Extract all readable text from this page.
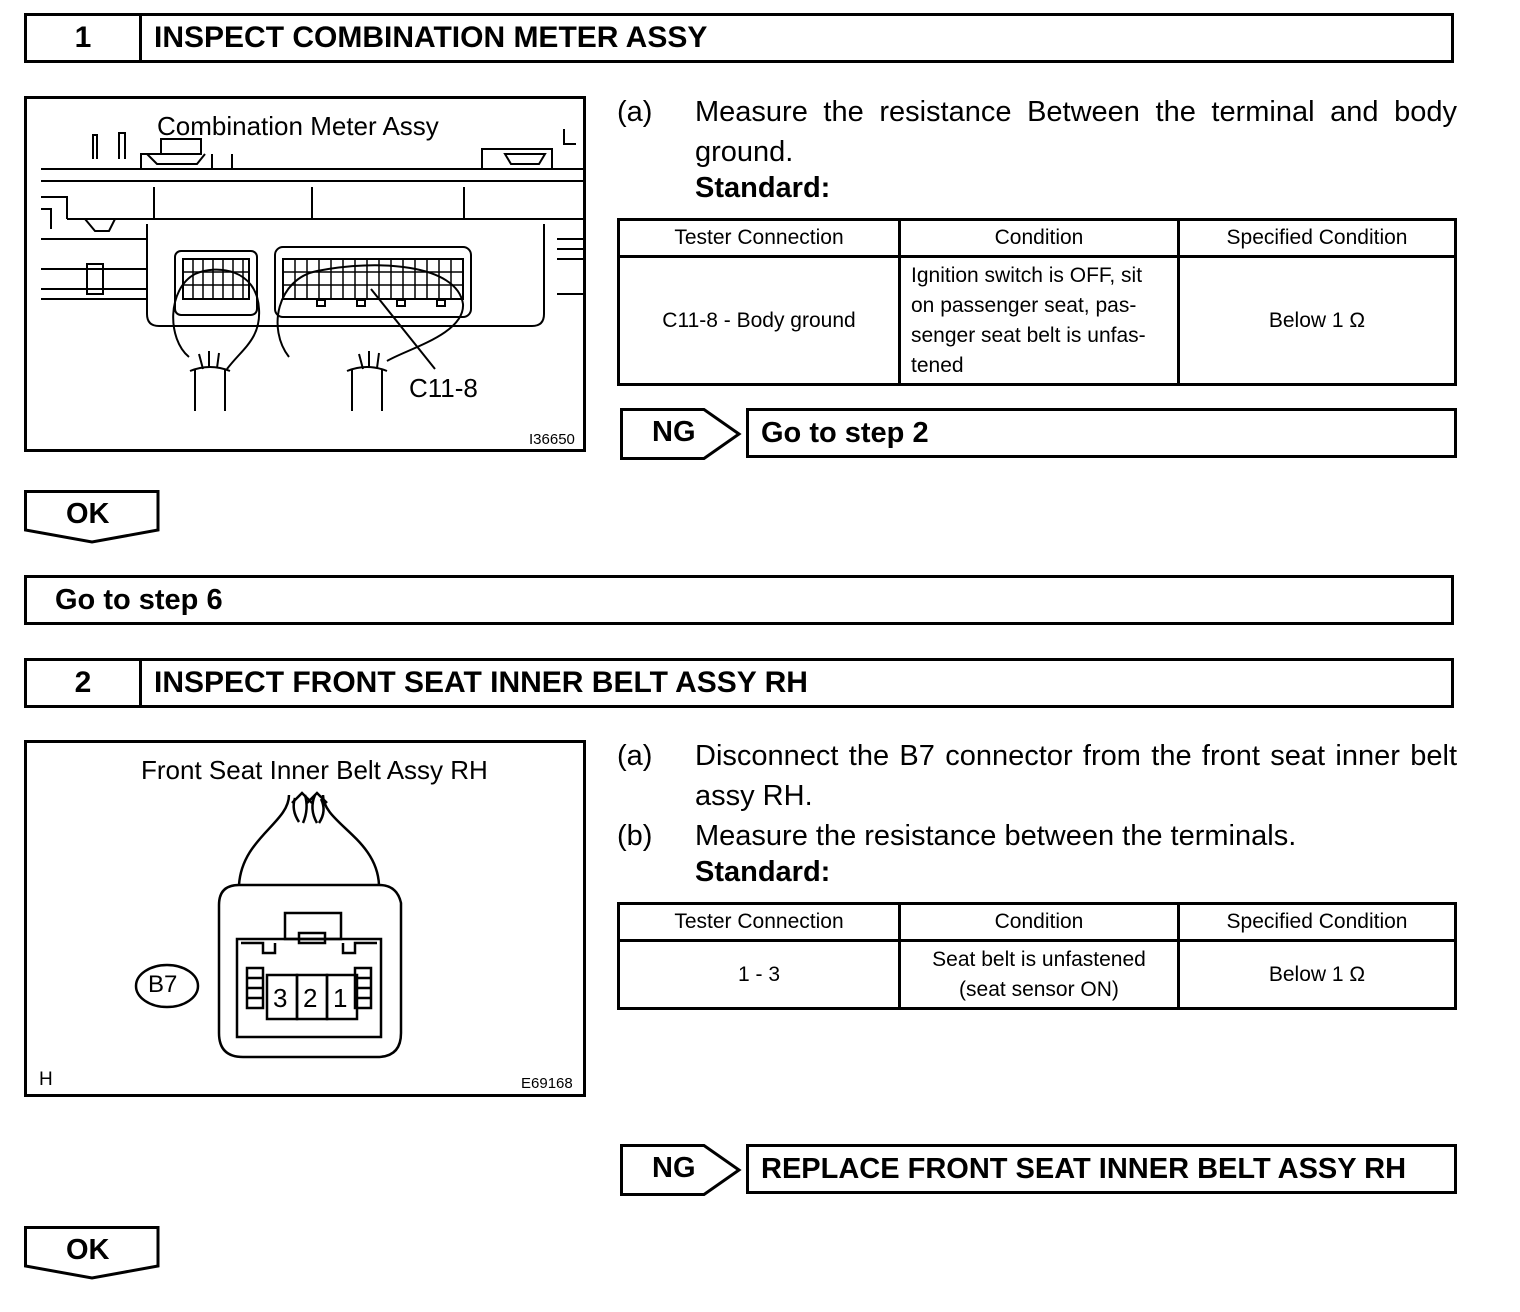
1	INSPECT COMBINATION METER ASSY
Combination Meter Assy
C11-8
I36650
(a) Measure the resistance Between the terminal and body ground.
Standard:
Tester Connection	Condition	Specified Condition
C11-8 - Body ground	Ignition switch is OFF, sit
on passenger seat, pas-
senger seat belt is unfas-
tened	Below 1 Ω
NG	Go to step 2
OK
Go to step 6
2	INSPECT FRONT SEAT INNER BELT ASSY RH
Front Seat Inner Belt Assy RH
B7	3 2 1
H	E69168
(a) Disconnect the B7 connector from the front seat inner belt assy RH.
(b) Measure the resistance between the terminals.
Standard:
Tester Connection	Condition	Specified Condition
1 - 3	Seat belt is unfastened
(seat sensor ON)	Below 1 Ω
NG	REPLACE FRONT SEAT INNER BELT ASSY RH
OK
